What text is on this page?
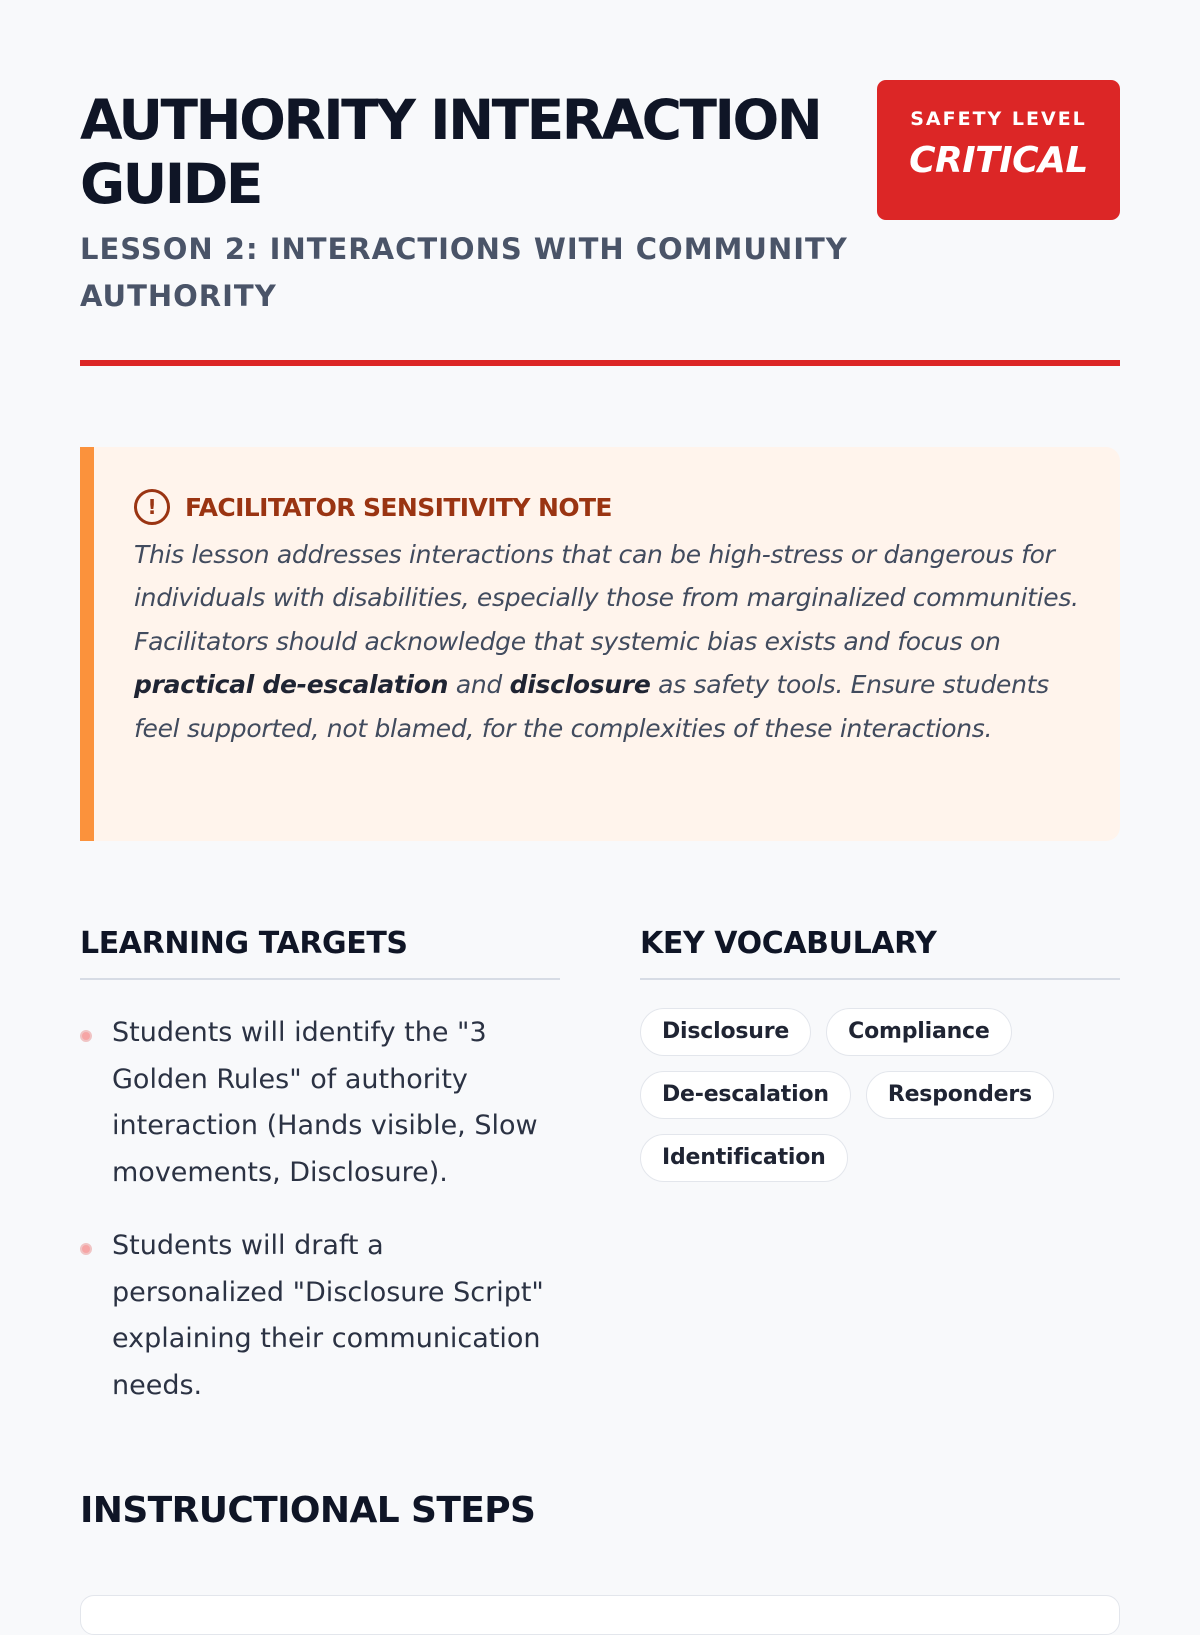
AUTHORITY INTERACTION GUIDE
LESSON 2: INTERACTIONS WITH COMMUNITY AUTHORITY
SAFETY LEVEL
CRITICAL
!	FACILITATOR SENSITIVITY NOTE

This lesson addresses interactions that can be high-stress or dangerous for individuals with disabilities, especially those from marginalized communities. Facilitators should acknowledge that systemic bias exists and focus on practical de-escalation and disclosure as safety tools. Ensure students feel supported, not blamed, for the complexities of these interactions.

LEARNING TARGETS
Students will identify the "3 Golden Rules" of authority interaction (Hands visible, Slow movements, Disclosure).
Students will draft a personalized "Disclosure Script" explaining their communication needs.
KEY VOCABULARY
Disclosure	Compliance
De-escalation	Responders
Identification
INSTRUCTIONAL STEPS
